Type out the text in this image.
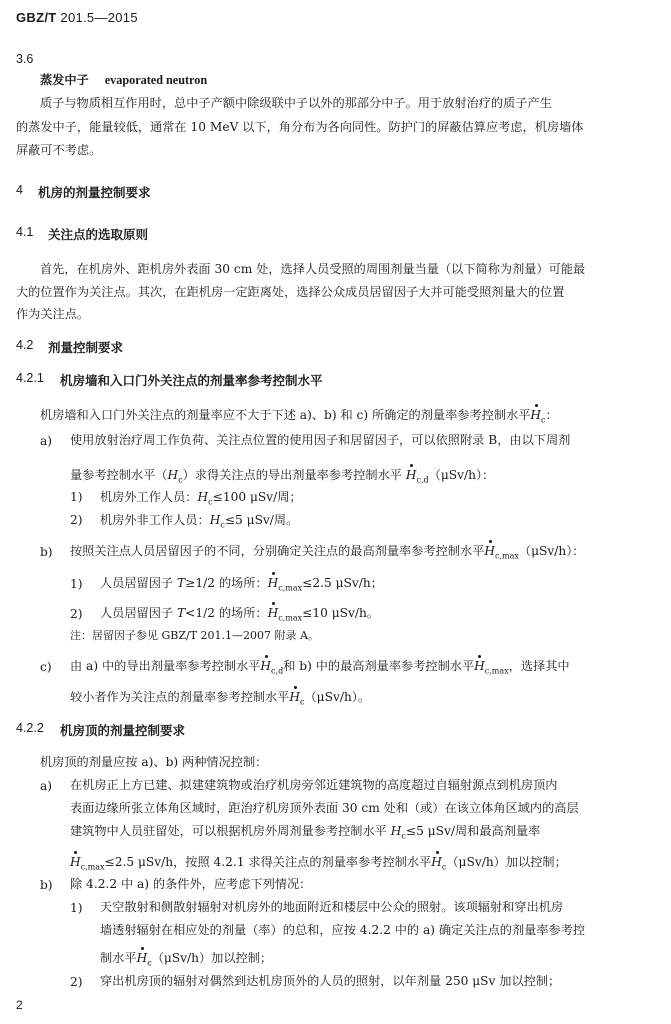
GBZ/T 201.5—2015
3.6
蒸发中子 evaporated neutron
质子与物质相互作用时，总中子产额中除级联中子以外的那部分中子。用于放射治疗的质子产生
的蒸发中子，能量较低，通常在 10 MeV 以下，角分布为各向同性。防护门的屏蔽估算应考虑，机房墙体
屏蔽可不考虑。
4 机房的剂量控制要求
4.1 关注点的选取原则
首先，在机房外、距机房外表面 30 cm 处，选择人员受照的周围剂量当量（以下简称为剂量）可能最
大的位置作为关注点。其次，在距机房一定距离处，选择公众成员居留因子大并可能受照剂量大的位置
作为关注点。
4.2 剂量控制要求
4.2.1 机房墙和入口门外关注点的剂量率参考控制水平
机房墙和入口门外关注点的剂量率应不大于下述 a)、b) 和 c) 所确定的剂量率参考控制水平$H_c$：
a) 使用放射治疗周工作负荷、关注点位置的使用因子和居留因子，可以依照附录 B，由以下周剂
量参考控制水平$(H_c)$求得关注点的导出剂量率参考控制水平 $H_{c,d}(\mu Sv/h)$：
1) 机房外工作人员：$H_c\le 100$ μSv/周；
2) 机房外非工作人员：$H_c\le 5$ μSv/周。
b) 按照关注点人员居留因子的不同，分别确定关注点的最高剂量率参考控制水平$H_{c,max}(\mu Sv/h)$：
1) 人员居留因子 T≥1/2 的场所：$H_{c,max}\le 2.5$ μSv/h；
2) 人员居留因子 T<1/2 的场所：$H_{c,max}\le 10$ μSv/h。
注：居留因子参见 GBZ/T 201.1—2007 附录 A。
c) 由 a) 中的导出剂量率参考控制水平$H_{c,d}$和 b) 中的最高剂量率参考控制水平$H_{c,max}$，选择其中
较小者作为关注点的剂量率参考控制水平$H_c(\mu Sv/h)$。
4.2.2 机房顶的剂量控制要求
机房顶的剂量应按 a)、b) 两种情况控制：
a) 在机房正上方已建、拟建建筑物或治疗机房旁邻近建筑物的高度超过自辐射源点到机房顶内
表面边缘所张立体角区域时，距治疗机房顶外表面 30 cm 处和（或）在该立体角区域内的高层
建筑物中人员驻留处，可以根据机房外周剂量参考控制水平 $H_c\le 5$ μSv/周和最高剂量率
$H_{c,max}\le 2.5$ μSv/h，按照 4.2.1 求得关注点的剂量率参考控制水平$H_c(\mu Sv/h)$加以控制；
b) 除 4.2.2 中 a) 的条件外，应考虑下列情况：
1) 天空散射和侧散射辐射对机房外的地面附近和楼层中公众的照射。该项辐射和穿出机房
墙透射辐射在相应处的剂量（率）的总和，应按 4.2.2 中的 a) 确定关注点的剂量率参考控
制水平$H_c(\mu Sv/h)$加以控制；
2) 穿出机房顶的辐射对偶然到达机房顶外的人员的照射，以年剂量 250 μSv 加以控制；
2
